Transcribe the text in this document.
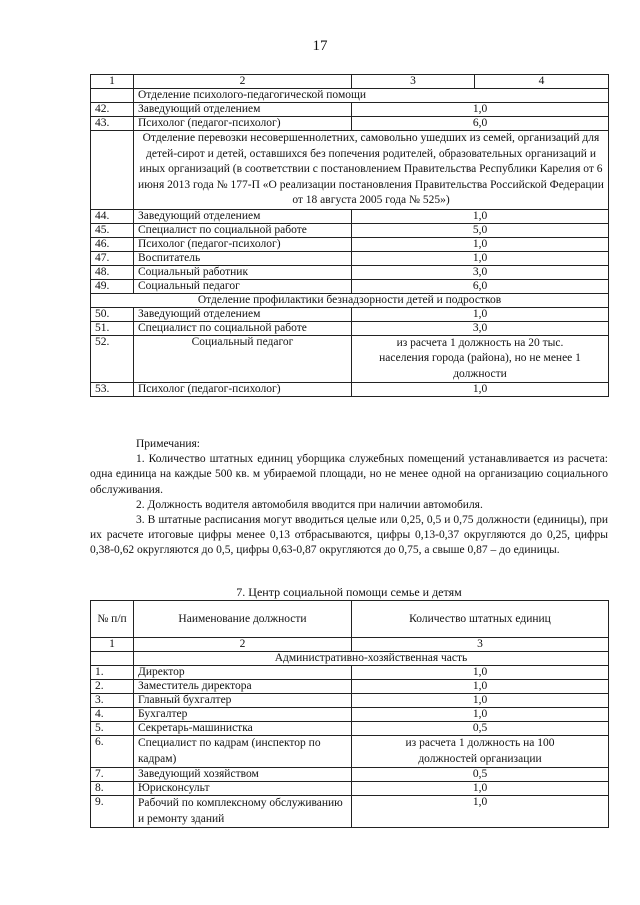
17
1	2	3	4
	Отделение психолого-педагогической помощи		
42.	Заведующий отделением	1,0	
43.	Психолог (педагог-психолог)	6,0	
	Отделение перевозки несовершеннолетних, самовольно ушедших из семей, организаций для детей-сирот и детей, оставшихся без попечения родителей, образовательных организаций и иных организаций (в соответствии с постановлением Правительства Республики Карелия от 6 июня 2013 года № 177-П «О реализации постановления Правительства Российской Федерации от 18 августа 2005 года № 525»)		
44.	Заведующий отделением	1,0	
45.	Специалист по социальной работе	5,0	
46.	Психолог (педагог-психолог)	1,0	
47.	Воспитатель	1,0	
48.	Социальный работник	3,0	
49.	Социальный педагог	6,0	
Отделение профилактики безнадзорности детей и подростков			
50.	Заведующий отделением	1,0	
51.	Специалист по социальной работе	3,0	
52.	Социальный педагог	из расчета 1 должность на 20 тыс. населения города (района), но не менее 1 должности	
53.	Психолог (педагог-психолог)	1,0	

Примечания:

1. Количество штатных единиц уборщика служебных помещений устанавливается из расчета: одна единица на каждые 500 кв. м убираемой площади, но не менее одной на организацию социального обслуживания.

2. Должность водителя автомобиля вводится при наличии автомобиля.

3. В штатные расписания могут вводиться целые или 0,25, 0,5 и 0,75 должности (единицы), при их расчете итоговые цифры менее 0,13 отбрасываются, цифры 0,13-0,37 округляются до 0,25, цифры 0,38-0,62 округляются до 0,5, цифры 0,63-0,87 округляются до 0,75, а свыше 0,87 – до единицы.

7. Центр социальной помощи семье и детям
№ п/п	Наименование должности	Количество штатных единиц
1	2	3
	Административно-хозяйственная часть	
1.	Директор	1,0
2.	Заместитель директора	1,0
3.	Главный бухгалтер	1,0
4.	Бухгалтер	1,0
5.	Секретарь-машинистка	0,5
6.	Специалист по кадрам (инспектор по кадрам)	из расчета 1 должность на 100 должностей организации
7.	Заведующий хозяйством	0,5
8.	Юрисконсульт	1,0
9.	Рабочий по комплексному обслуживанию и ремонту зданий	1,0
